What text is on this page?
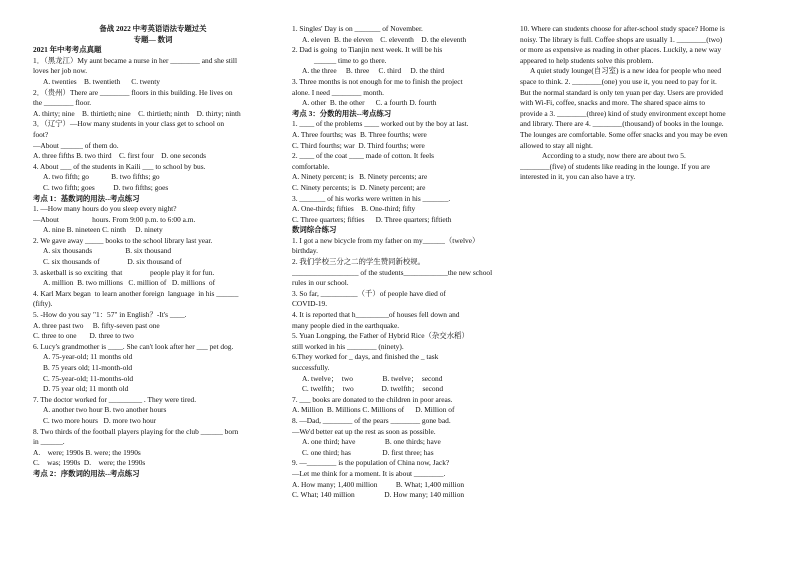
备战 2022 中考英语语法专题过关
专题— 数词
2021 年中考考点真题
1．（黑龙江）My aunt became a nurse in her ________ and she still
loves her job now.
A. twenties    B. twentieth      C. twenty
2．（贵州）There are ________ floors in this building. He lives on
the ________ floor.
A. thirty; nine    B. thirtieth; nine    C. thirtieth; ninth    D. thirty; ninth
3．（辽宁）—How many students in your class get to school on
foot?
—About ______ of them do.
A. three fifths B. two third    C. first four    D. one seconds
4. About ___ of the students in Kaili ___ to school by bus.
A. two fifth; go            B. two fifths; go
C. two fifth; goes          D. two fifths; goes
考点 1：基数词的用法--考点练习
1. —How many hours do you sleep every night?
—About                  hours. From 9:00 p.m. to 6:00 a.m.
A. nine B. nineteen C. ninth     D. ninety
2. We gave away _____ books to the school library last year.
A. six thousands                  B. six thousand
C. six thousands of               D. six thousand of
3. asketball is so exciting  that               people play it for fun.
A. million  B. two millions   C. million of   D. millions  of
4. Karl Marx began  to learn another foreign  language  in his ______
(fifty).
5. -How do you say "1：57" in English？-It's ____.
A. three past two     B. fifty-seven past one
C. three to one       D. three to two
6. Lucy's grandmother is ____. She can't look after her ___ pet dog.
A. 75-year-old; 11 months old
B. 75 years old; 11-month-old
C. 75-year-old; 11-months-old
D. 75 year old; 11 month old
7. The doctor worked for _________ . They were tired.
A. another two hour B. two another hours
C. two more hours   D. more two hour
8. Two thirds of the football players playing for the club ______ born
in ______.
A.    were; 1990s B. were; the 1990s
C.    was; 1990s  D.    were; the 1990s
考点 2：序数词的用法--考点练习
1. Singles' Day is on _______ of November.
A. eleven  B. the eleven    C. eleventh    D. the eleventh
2. Dad is going  to Tianjin next week. It will be his
______ time to go there.
A. the three     B. three     C. third     D. the third
3. Three months is not enough for me to finish the project
alone. I need ________ month.
A. other  B. the other      C. a fourth D. fourth
考点 3：分数的用法--考点练习
1. ____ of the problems ____ worked out by the boy at last.
A. Three fourths; was  B. Three fourths; were
C. Third fourths; war  D. Third fourths; were
2. ____ of the coat ____ made of cotton. It feels
comfortable.
A. Ninety percent; is   B. Ninety percents; are
C. Ninety percents; is  D. Ninety percent; are
3. _______ of his works were written in his _______.
A. One-thirds; fifties    B. One-third; fifty
C. Three quarters; fifties      D. Three quarters; fiftieth
数词综合练习
1. I got a new bicycle from my father on my______（twelve）
birthday.
2. 我们学校三分之二的学生赞同新校规。
__________________ of the students____________the new school
rules in our school.
3. So far, __________（千）of people have died of
COVID-19.
4. It is reported that h_________of houses fell down and
many people died in the earthquake.
5. Yuan Longping, the Father of Hybrid Rice（杂交水稻）
still worked in his ________ (ninety).
6.They worked for _ days, and finished the _ task
successfully.
A. twelve；  two                B. twelve；  second
C. twelfth；  two               D. twelfth；  second
7. ___ books are donated to the children in poor areas.
A. Million  B. Millions C. Millions of      D. Million of
8. —Dad, ________ of the pears ________ gone bad.
—We'd better eat up the rest as soon as possible.
A. one third; have                B. one thirds; have
C. one third; has                 D. first three; has
9. —________ is the population of China now, Jack?
—Let me think for a moment. It is about ________.
A. How many; 1,400 million          B. What; 1,400 million
C. What; 140 million                D. How many; 140 million
10. Where can students choose for after-school study space? Home is
noisy. The library is full. Coffee shops are usually 1. ________(two)
or more as expensive as reading in other places. Luckily, a new way
appeared to help students solve this problem.
A quiet study lounge(自习室) is a new idea for people who need
space to think. 2. ________(one) you use it, you need to pay for it.
But the normal standard is only ten yuan per day. Users are provided
with Wi-Fi, coffee, snacks and more. The shared space aims to
provide a 3. ________(three) kind of study environment except home
and library. There are 4. ________(thousand) of books in the lounge.
The lounges are comfortable. Some offer snacks and you may be even
allowed to stay all night.
According to a study, now there are about two 5.
________(five) of students like reading in the lounge. If you are
interested in it, you can also have a try.
